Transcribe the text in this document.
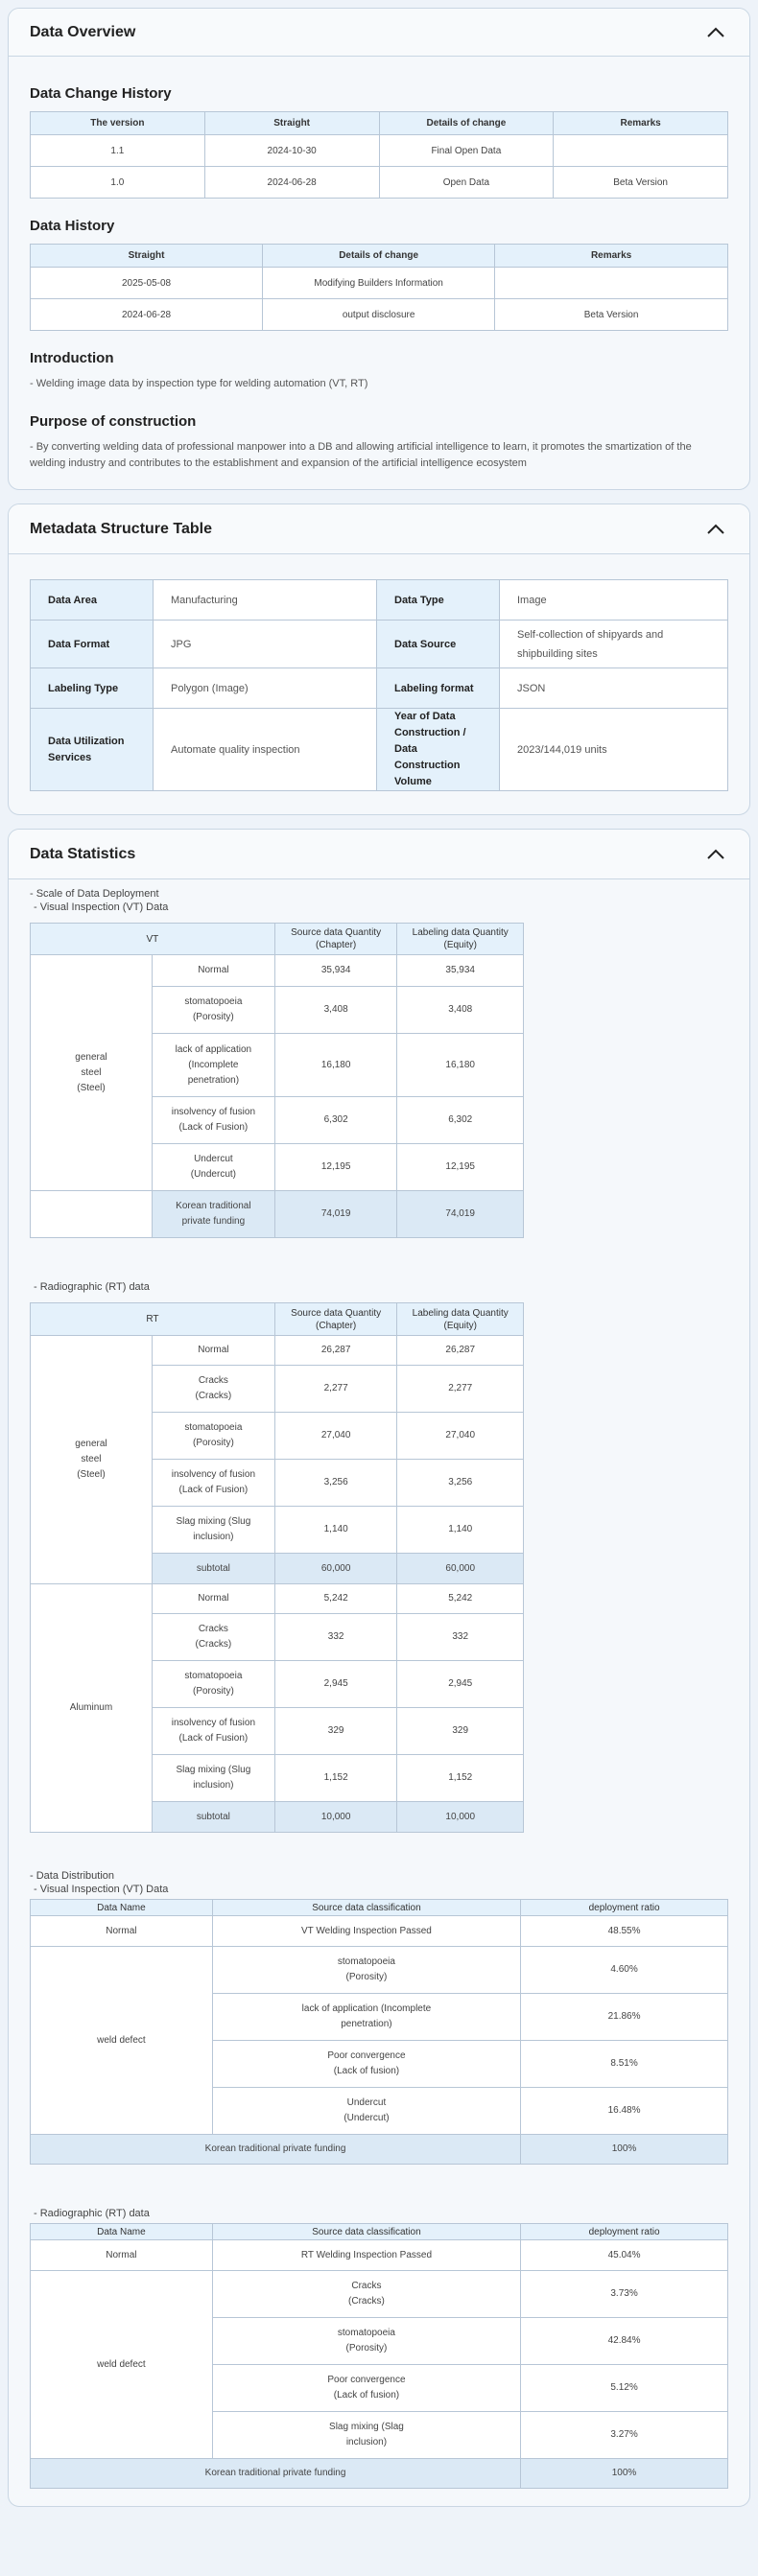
Data Overview
Data Change History
The version	Straight	Details of change	Remarks
1.1	2024-10-30	Final Open Data	
1.0	2024-06-28	Open Data	Beta Version
Data History
Straight	Details of change	Remarks
2025-05-08	Modifying Builders Information	
2024-06-28	output disclosure	Beta Version
Introduction

- Welding image data by inspection type for welding automation (VT, RT)

Purpose of construction

- By converting welding data of professional manpower into a DB and allowing artificial intelligence to learn, it promotes the smartization of the welding industry and contributes to the establishment and expansion of the artificial intelligence ecosystem

Metadata Structure Table
Data Area	Manufacturing	Data Type	Image
Data Format	JPG	Data Source	Self-collection of shipyards and shipbuilding sites
Labeling Type	Polygon (Image)	Labeling format	JSON
Data Utilization Services	Automate quality inspection	Year of Data Construction / Data Construction Volume	2023/144,019 units
Data Statistics
- Scale of Data Deployment
- Visual Inspection (VT) Data
VT		Source data Quantity (Chapter)	Labeling data Quantity (Equity)
general steel (Steel)	Normal	35,934	35,934
	stomatopoeia (Porosity)	3,408	3,408
	lack of application (Incomplete penetration)	16,180	16,180
	insolvency of fusion (Lack of Fusion)	6,302	6,302
	Undercut (Undercut)	12,195	12,195
	Korean traditional private funding	74,019	74,019
- Radiographic (RT) data
RT		Source data Quantity (Chapter)	Labeling data Quantity (Equity)
general steel (Steel)	Normal	26,287	26,287
	Cracks (Cracks)	2,277	2,277
	stomatopoeia (Porosity)	27,040	27,040
	insolvency of fusion (Lack of Fusion)	3,256	3,256
	Slag mixing (Slug inclusion)	1,140	1,140
	subtotal	60,000	60,000
Aluminum	Normal	5,242	5,242
	Cracks (Cracks)	332	332
	stomatopoeia (Porosity)	2,945	2,945
	insolvency of fusion (Lack of Fusion)	329	329
	Slag mixing (Slug inclusion)	1,152	1,152
	subtotal	10,000	10,000
- Data Distribution
- Visual Inspection (VT) Data
Data Name	Source data classification	deployment ratio
Normal	VT Welding Inspection Passed	48.55%
weld defect	stomatopoeia (Porosity)	4.60%
	lack of application (Incomplete penetration)	21.86%
	Poor convergence (Lack of fusion)	8.51%
	Undercut (Undercut)	16.48%
Korean traditional private funding		100%
- Radiographic (RT) data
Data Name	Source data classification	deployment ratio
Normal	RT Welding Inspection Passed	45.04%
weld defect	Cracks (Cracks)	3.73%
	stomatopoeia (Porosity)	42.84%
	Poor convergence (Lack of fusion)	5.12%
	Slag mixing (Slag inclusion)	3.27%
Korean traditional private funding		100%
